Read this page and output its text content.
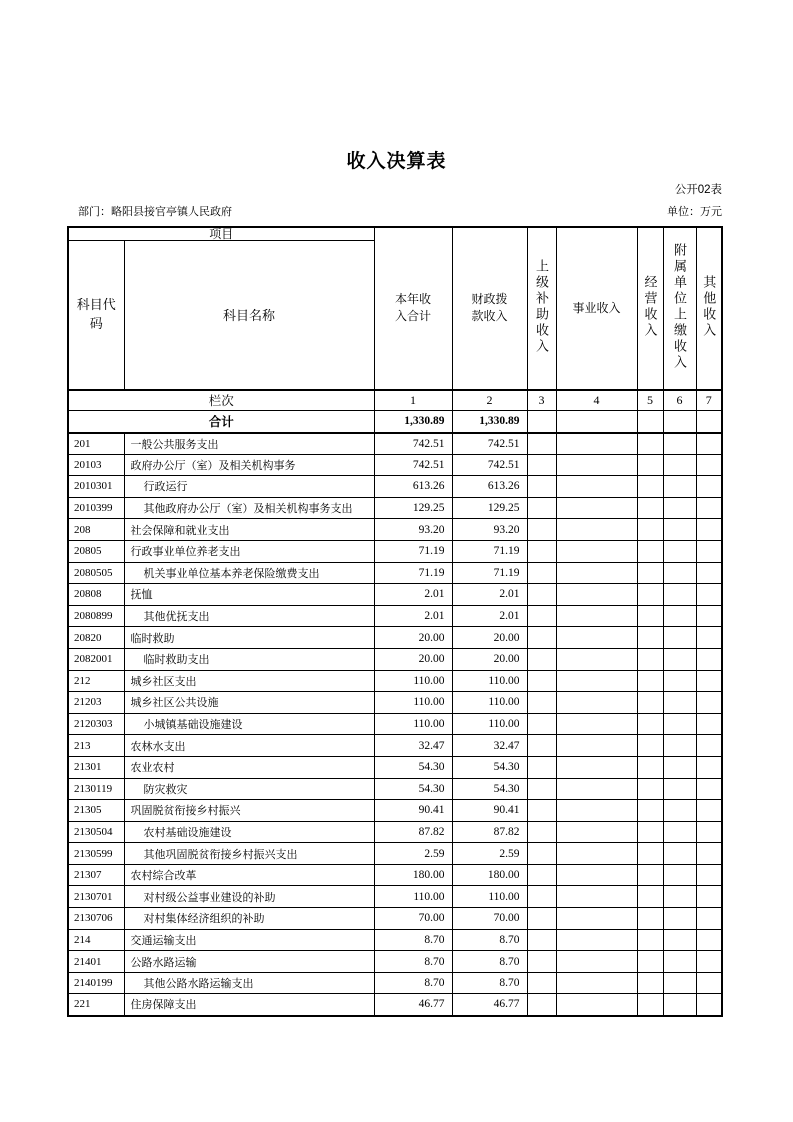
收入决算表
公开02表
部门：略阳县接官亭镇人民政府	单位：万元
项目		本年收入合计	财政拨款收入	上级补助收入	事业收入	经营收入	附属单位上缴收入	其他收入
科目代码	科目名称							
栏次		1	2	3	4	5	6	7
合计		1,330.89	1,330.89					
201	一般公共服务支出	742.51	742.51					
20103	政府办公厅（室）及相关机构事务	742.51	742.51					
2010301	行政运行	613.26	613.26					
2010399	其他政府办公厅（室）及相关机构事务支出	129.25	129.25					
208	社会保障和就业支出	93.20	93.20					
20805	行政事业单位养老支出	71.19	71.19					
2080505	机关事业单位基本养老保险缴费支出	71.19	71.19					
20808	抚恤	2.01	2.01					
2080899	其他优抚支出	2.01	2.01					
20820	临时救助	20.00	20.00					
2082001	临时救助支出	20.00	20.00					
212	城乡社区支出	110.00	110.00					
21203	城乡社区公共设施	110.00	110.00					
2120303	小城镇基础设施建设	110.00	110.00					
213	农林水支出	32.47	32.47					
21301	农业农村	54.30	54.30					
2130119	防灾救灾	54.30	54.30					
21305	巩固脱贫衔接乡村振兴	90.41	90.41					
2130504	农村基础设施建设	87.82	87.82					
2130599	其他巩固脱贫衔接乡村振兴支出	2.59	2.59					
21307	农村综合改革	180.00	180.00					
2130701	对村级公益事业建设的补助	110.00	110.00					
2130706	对村集体经济组织的补助	70.00	70.00					
214	交通运输支出	8.70	8.70					
21401	公路水路运输	8.70	8.70					
2140199	其他公路水路运输支出	8.70	8.70					
221	住房保障支出	46.77	46.77					
